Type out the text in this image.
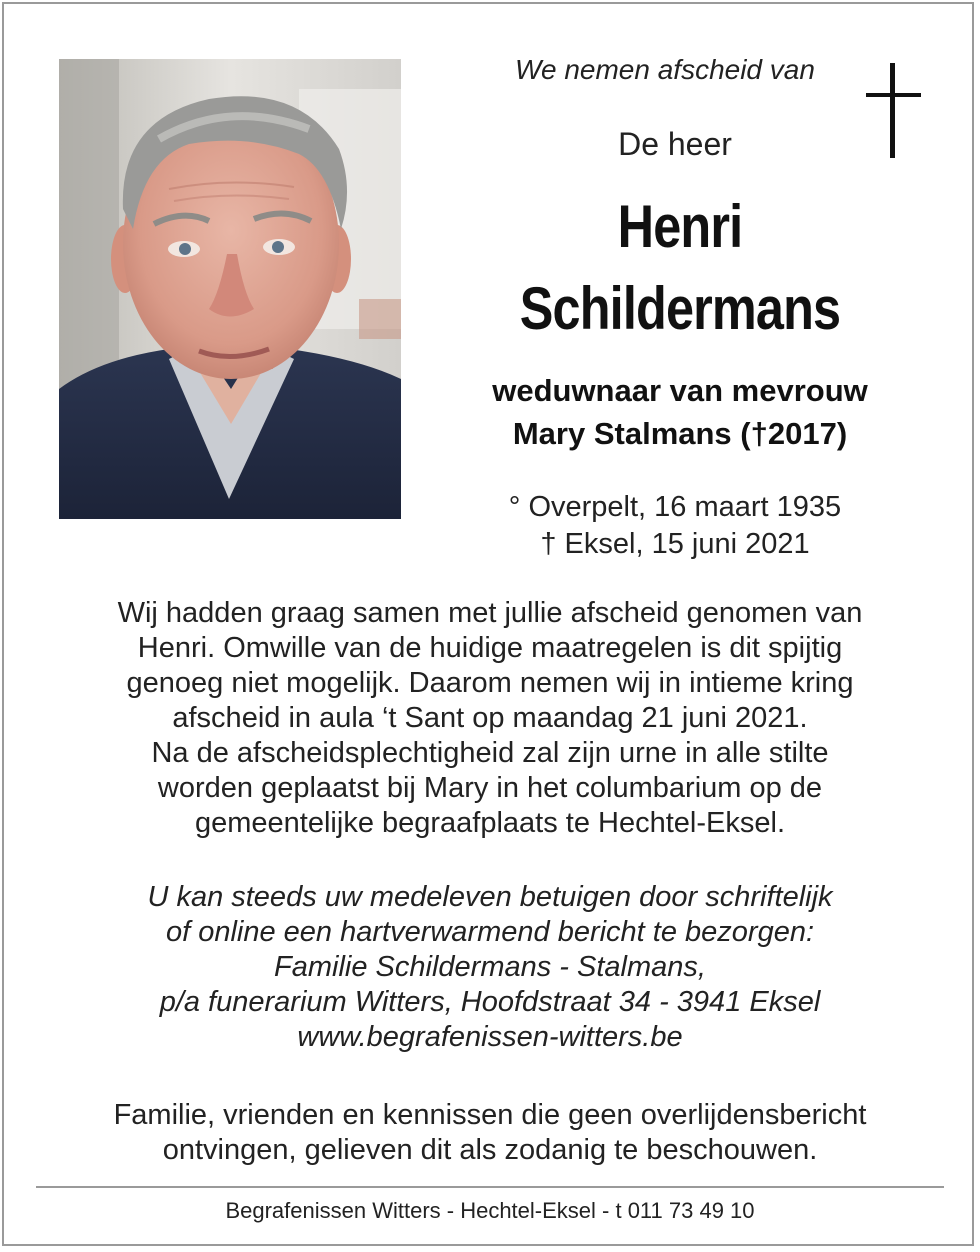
We nemen afscheid van
De heer
Henri
Schildermans
weduwnaar van mevrouw
Mary Stalmans (†2017)
° Overpelt, 16 maart 1935
† Eksel, 15 juni 2021
Wij hadden graag samen met jullie afscheid genomen van
Henri. Omwille van de huidige maatregelen is dit spijtig
genoeg niet mogelijk. Daarom nemen wij in intieme kring
afscheid in aula ‘t Sant op maandag 21 juni 2021.
Na de afscheidsplechtigheid zal zijn urne in alle stilte
worden geplaatst bij Mary in het columbarium op de
gemeentelijke begraafplaats te Hechtel-Eksel.
U kan steeds uw medeleven betuigen door schriftelijk
of online een hartverwarmend bericht te bezorgen:
Familie Schildermans - Stalmans,
p/a funerarium Witters, Hoofdstraat 34 - 3941 Eksel
www.begrafenissen-witters.be
Familie, vrienden en kennissen die geen overlijdensbericht
ontvingen, gelieven dit als zodanig te beschouwen.
Begrafenissen Witters - Hechtel-Eksel - t 011 73 49 10
